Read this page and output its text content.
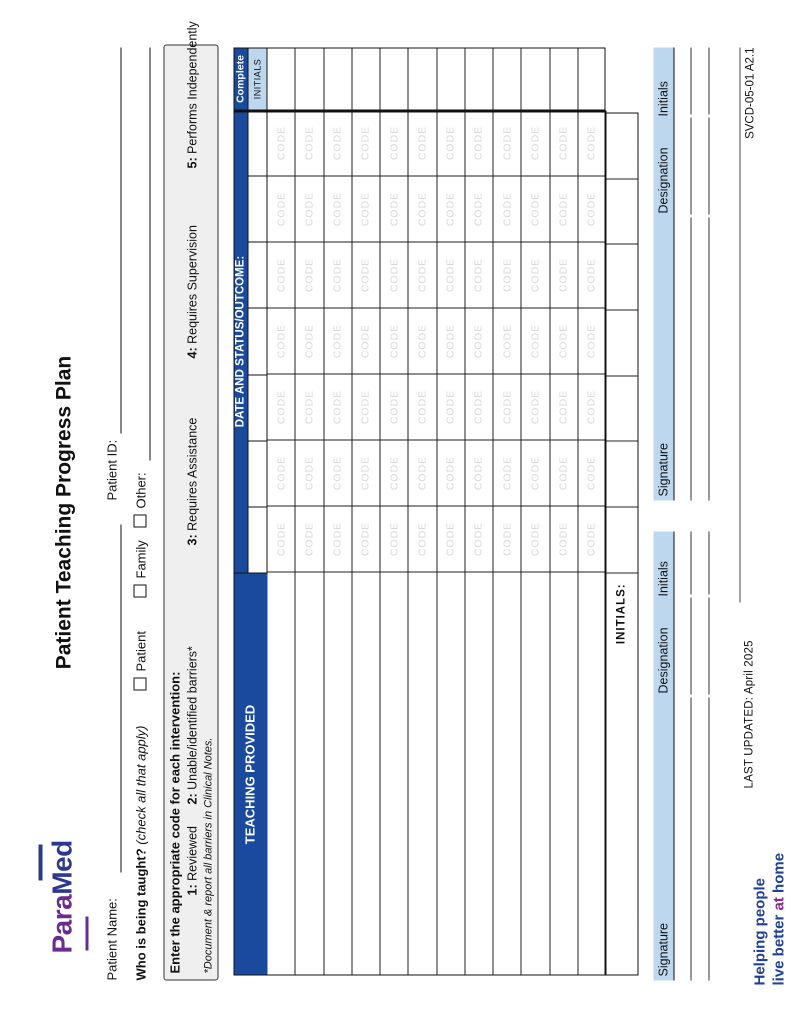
ParaMed
Patient Teaching Progress Plan
Patient Name:
Patient ID:
Who is being taught? (check all that apply)
Patient
Family
Other:
Enter the appropriate code for each intervention: 1: Reviewed
2: Unable/identified barriers*
3: Requires Assistance
4: Requires Supervision
5: Performs Independently
*Document & report all barriers in Clinical Notes.	TEACHING PROVIDED
DATE AND STATUS/OUTCOME:
Complete
MM/DD/YY
MM/DD/YY
MM/DD/YY
MM/DD/YY
MM/DD/YY
MM/DD/YY
MM/DD/YY
INITIALS
CODE
CODE
CODE
CODE
CODE
CODE
CODE
CODE
CODE
CODE
CODE
CODE
CODE
CODE
CODE
CODE
CODE
CODE
CODE
CODE
CODE
CODE
CODE
CODE
CODE
CODE
CODE
CODE
CODE
CODE
CODE
CODE
CODE
CODE
CODE
CODE
CODE
CODE
CODE
CODE
CODE
CODE
CODE
CODE
CODE
CODE
CODE
CODE
CODE
CODE
CODE
CODE
CODE
CODE
CODE
CODE
CODE
CODE
CODE
CODE
CODE
CODE
CODE
CODE
CODE
CODE
CODE
CODE
CODE
CODE
CODE
CODE
CODE
CODE
CODE
CODE
CODE
CODE
CODE
CODE
CODE
CODE
CODE
CODE
INITIALS:
Signature
Designation
Initials
Signature
Designation
Initials
LAST UPDATED: April 2025
SVCD-05-01 A2.1
Helping people live better at home
